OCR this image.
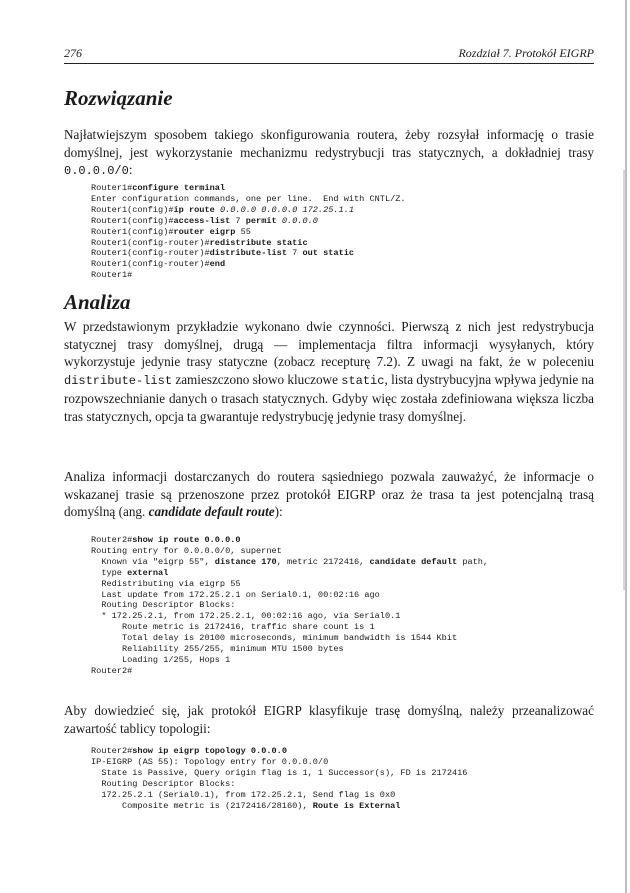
276	Rozdział 7. Protokół EIGRP
Rozwiązanie

Najłatwiejszym sposobem takiego skonfigurowania routera, żeby rozsyłał informację o trasie domyślnej, jest wykorzystanie mechanizmu redystrybucji tras statycznych, a dokładniej trasy 0.0.0.0/0:

Router1#configure terminal
Enter configuration commands, one per line.  End with CNTL/Z.
Router1(config)#ip route 0.0.0.0 0.0.0.0 172.25.1.1
Router1(config)#access-list 7 permit 0.0.0.0
Router1(config)#router eigrp 55
Router1(config-router)#redistribute static
Router1(config-router)#distribute-list 7 out static
Router1(config-router)#end
Router1#
Analiza

W przedstawionym przykładzie wykonano dwie czynności. Pierwszą z nich jest redystrybucja statycznej trasy domyślnej, drugą — implementacja filtra informacji wysyłanych, który wykorzystuje jedynie trasy statyczne (zobacz recepturę 7.2). Z uwagi na fakt, że w poleceniu distribute-list zamieszczono słowo kluczowe static, lista dystrybucyjna wpływa jedynie na rozpowszechnianie danych o trasach statycznych. Gdyby więc została zdefiniowana większa liczba tras statycznych, opcja ta gwarantuje redystrybucję jedynie trasy domyślnej.

Analiza informacji dostarczanych do routera sąsiedniego pozwala zauważyć, że informacje o wskazanej trasie są przenoszone przez protokół EIGRP oraz że trasa ta jest potencjalną trasą domyślną (ang. candidate default route):

Router2#show ip route 0.0.0.0
Routing entry for 0.0.0.0/0, supernet
Known via "eigrp 55", distance 170, metric 2172416, candidate default path,
type external
Redistributing via eigrp 55
Last update from 172.25.2.1 on Serial0.1, 00:02:16 ago
Routing Descriptor Blocks:
* 172.25.2.1, from 172.25.2.1, 00:02:16 ago, via Serial0.1
Route metric is 2172416, traffic share count is 1
Total delay is 20100 microseconds, minimum bandwidth is 1544 Kbit
Reliability 255/255, minimum MTU 1500 bytes
Loading 1/255, Hops 1
Router2#

Aby dowiedzieć się, jak protokół EIGRP klasyfikuje trasę domyślną, należy przeanalizować zawartość tablicy topologii:

Router2#show ip eigrp topology 0.0.0.0
IP-EIGRP (AS 55): Topology entry for 0.0.0.0/0
State is Passive, Query origin flag is 1, 1 Successor(s), FD is 2172416
Routing Descriptor Blocks:
172.25.2.1 (Serial0.1), from 172.25.2.1, Send flag is 0x0
Composite metric is (2172416/28160), Route is External
